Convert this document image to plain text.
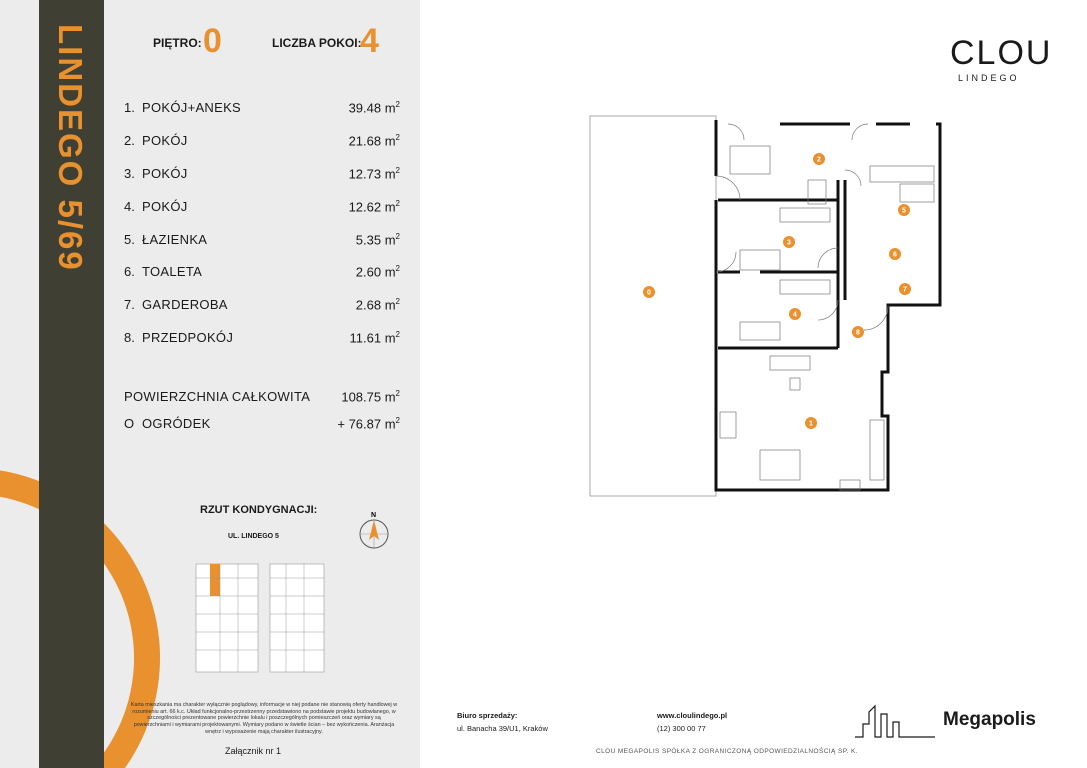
LINDEGO 5/69	PIĘTRO: 0	LICZBA POKOI:
4
1. POKÓJ+ANEKS	39.48 $m^2$
2. POKÓJ	21.68 $m^2$
3. POKÓJ	12.73 $m^2$
4. POKÓJ	12.62 $m^2$
5. ŁAZIENKA	5.35 $m^2$
6. TOALETA	2.60 $m^2$
7. GARDEROBA	2.68 $m^2$
8. PRZEDPOKÓJ	11.61 $m^2$
POWIERZCHNIA CAŁKOWITA 108.75 $m^2$
O OGRÓDEK	+ 76.87 $m^2$
RZUT KONDYGNACJI:
UL. LINDEGO 5
N
Karta mieszkania ma charakter wyłącznie poglądowy, informacje w niej podane nie stanowią oferty handlowej w rozumieniu art. 66 k.c. Układ funkcjonalno-przestrzenny przedstawiono na podstawie projektu budowlanego, w szczególności prezentowane powierzchnie lokalu i poszczególnych pomieszczeń oraz wymiary są powierzchniami i wymiarami projektowanymi. Wymiary podano w świetle ścian – bez wykończenia. Aranżacja wnętrz i wyposażenie mają charakter ilustracyjny.
Załącznik nr 1
CLOU
LINDEGO
0
1
2
3
4
5
6
7
8
Biuro sprzedaży:
ul. Banacha 39/U1, Kraków
www.cloulindego.pl
(12) 300 00 77
CLOU MEGAPOLIS SPÓŁKA Z OGRANICZONĄ ODPOWIEDZIALNOŚCIĄ SP. K.
Megapolis
